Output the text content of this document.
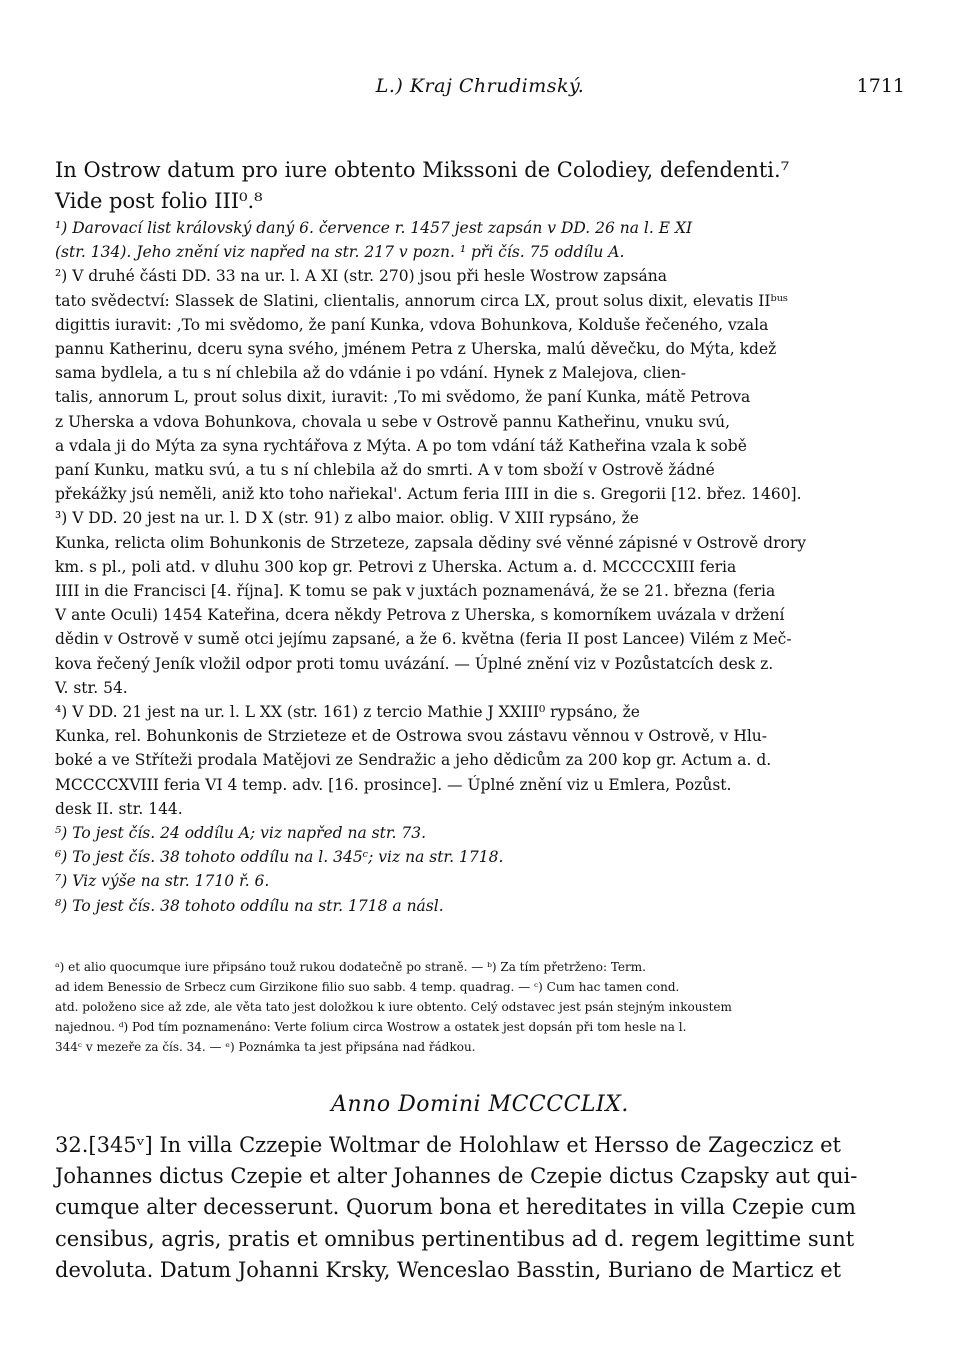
L.) Kraj Chrudimský.	1711
In Ostrow datum pro iure obtento Mikssoni de Colodiey, defendenti.⁷
Vide post folio III⁰.⁸
¹) Darovací list královský daný 6. července r. 1457 jest zapsán v DD. 26 na l. E XI
(str. 134). Jeho znění viz napřed na str. 217 v pozn. ¹ při čís. 75 oddílu A.
²) V druhé části DD. 33 na ur. l. A XI (str. 270) jsou při hesle Wostrow zapsána
tato svědectví: Slassek de Slatini, clientalis, annorum circa LX, prout solus dixit, elevatis IIᵇᵘˢ
digittis iuravit: ,To mi svědomo, že paní Kunka, vdova Bohunkova, Kolduše řečeného, vzala
pannu Katherinu, dceru syna svého, jménem Petra z Uherska, malú děvečku, do Mýta, kdež
sama bydlela, a tu s ní chlebila až do vdánie i po vdání. Hynek z Malejova, clien-
talis, annorum L, prout solus dixit, iuravit: ,To mi svědomo, že paní Kunka, mátě Petrova
z Uherska a vdova Bohunkova, chovala u sebe v Ostrově pannu Katheřinu, vnuku svú,
a vdala ji do Mýta za syna rychtářova z Mýta. A po tom vdání táž Katheřina vzala k sobě
paní Kunku, matku svú, a tu s ní chlebila až do smrti. A v tom sboží v Ostrově žádné
překážky jsú neměli, aniž kto toho nařiekal'. Actum feria IIII in die s. Gregorii [12. břez. 1460].
³) V DD. 20 jest na ur. l. D X (str. 91) z albo maior. oblig. V XIII rypsáno, že
Kunka, relicta olim Bohunkonis de Strzeteze, zapsala dědiny své věnné zápisné v Ostrově drory
km. s pl., poli atd. v dluhu 300 kop gr. Petrovi z Uherska. Actum a. d. MCCCCXIII feria
IIII in die Francisci [4. října]. K tomu se pak v juxtách poznamenává, že se 21. března (feria
V ante Oculi) 1454 Kateřina, dcera někdy Petrova z Uherska, s komorníkem uvázala v držení
dědin v Ostrově v sumě otci jejímu zapsané, a že 6. května (feria II post Lancee) Vilém z Meč-
kova řečený Jeník vložil odpor proti tomu uvázání. — Úplné znění viz v Pozůstatcích desk z.
V. str. 54.
⁴) V DD. 21 jest na ur. l. L XX (str. 161) z tercio Mathie J XXIII⁰ rypsáno, že
Kunka, rel. Bohunkonis de Strzieteze et de Ostrowa svou zástavu věnnou v Ostrově, v Hlu-
boké a ve Stříteži prodala Matějovi ze Sendražic a jeho dědicům za 200 kop gr. Actum a. d.
MCCCCXVIII feria VI 4 temp. adv. [16. prosince]. — Úplné znění viz u Emlera, Pozůst.
desk II. str. 144.
⁵) To jest čís. 24 oddílu A; viz napřed na str. 73.
⁶) To jest čís. 38 tohoto oddílu na l. 345ᶜ; viz na str. 1718.
⁷) Viz výše na str. 1710 ř. 6.
⁸) To jest čís. 38 tohoto oddílu na str. 1718 a násl.
ᵃ) et alio quocumque iure připsáno touž rukou dodatečně po straně. — ᵇ) Za tím přetrženo: Term.
ad idem Benessio de Srbecz cum Girzikone filio suo sabb. 4 temp. quadrag. — ᶜ) Cum hac tamen cond.
atd. položeno sice až zde, ale věta tato jest doložkou k iure obtento. Celý odstavec jest psán stejným inkoustem
najednou. ᵈ) Pod tím poznamenáno: Verte folium circa Wostrow a ostatek jest dopsán při tom hesle na l.
344ᶜ v mezeře za čís. 34. — ᵉ) Poznámka ta jest připsána nad řádkou.
Anno Domini MCCCCLIX.
32.[345ᵛ] In villa Czzepie Woltmar de Holohlaw et Hersso de Zageczicz et
Johannes dictus Czepie et alter Johannes de Czepie dictus Czapsky aut qui-
cumque alter decesserunt. Quorum bona et hereditates in villa Czepie cum
censibus, agris, pratis et omnibus pertinentibus ad d. regem legittime sunt
devoluta. Datum Johanni Krsky, Wenceslao Basstin, Buriano de Marticz et
